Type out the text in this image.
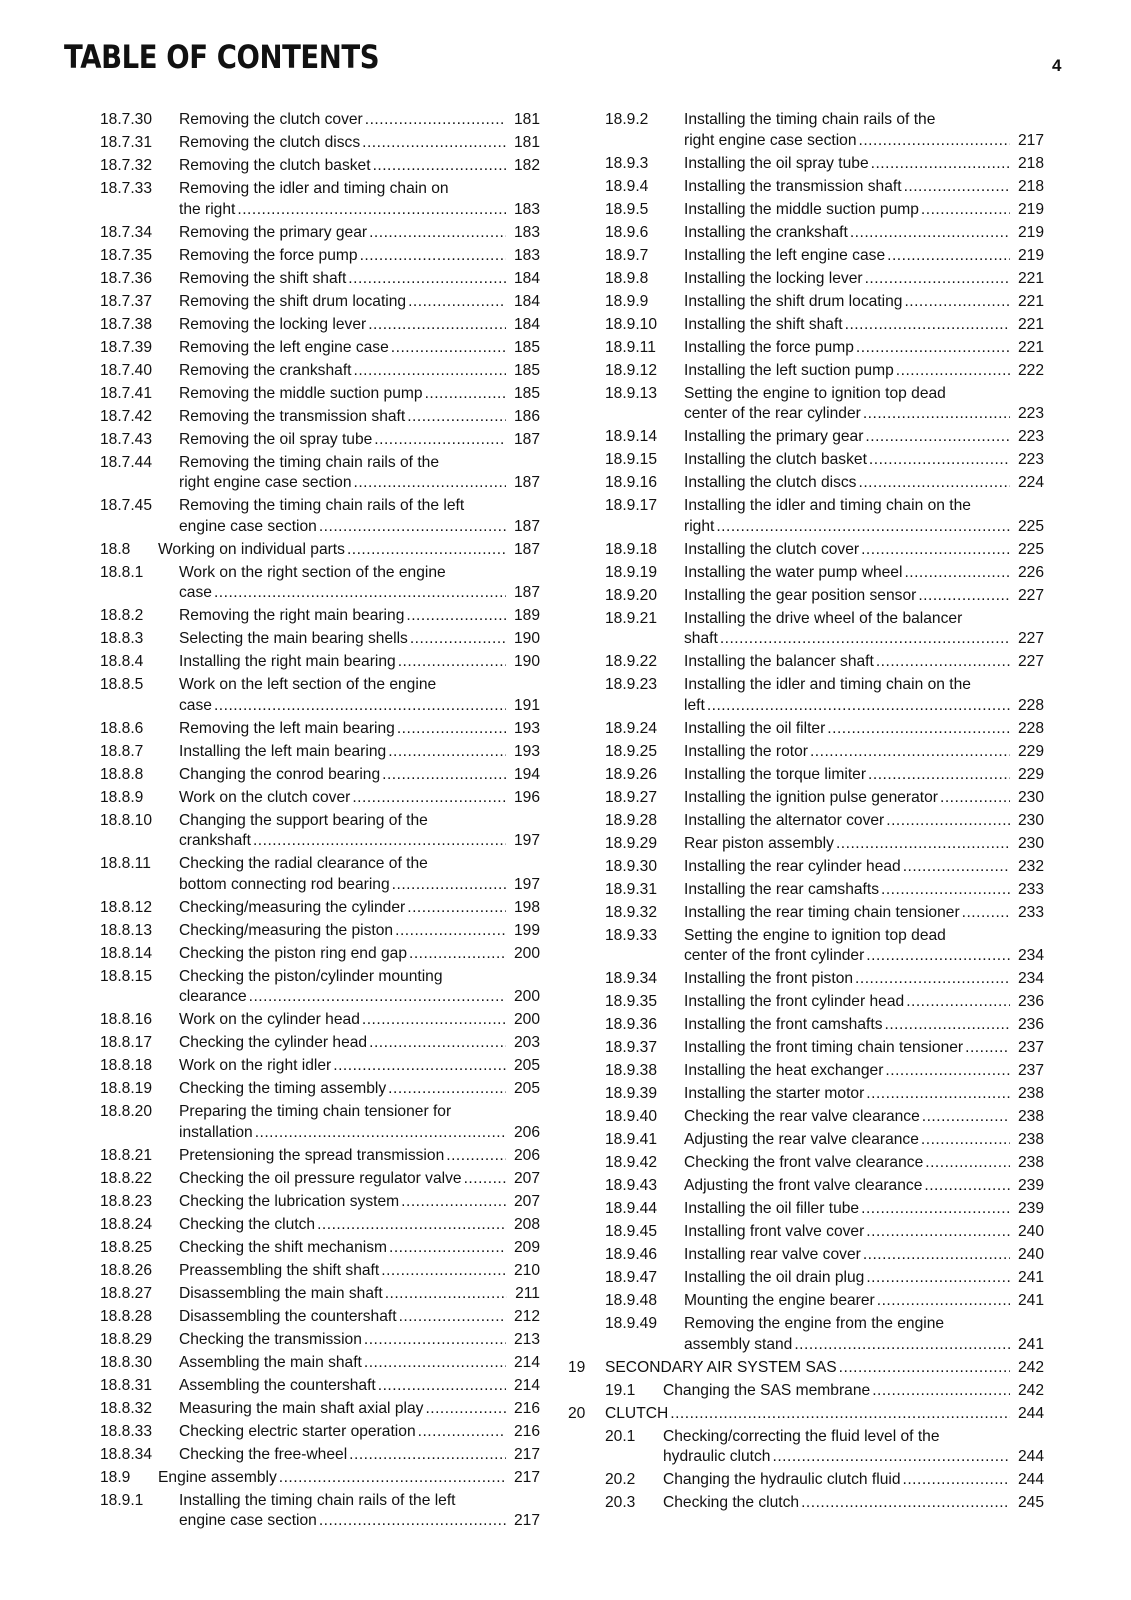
TABLE OF CONTENTS	4
18.7.30 Removing the clutch cover .....	181
18.7.31 Removing the clutch discs .....	181
18.7.32 Removing the clutch basket .....	182
18.7.33 Removing the idler and timing chain on
the right .....	183
18.7.34 Removing the primary gear .....	183
18.7.35 Removing the force pump .....	183
18.7.36 Removing the shift shaft .....	184
18.7.37 Removing the shift drum locating .....	184
18.7.38 Removing the locking lever .....	184
18.7.39 Removing the left engine case .....	185
18.7.40 Removing the crankshaft .....	185
18.7.41 Removing the middle suction pump .....	185
18.7.42 Removing the transmission shaft .....	186
18.7.43 Removing the oil spray tube .....	187
18.7.44 Removing the timing chain rails of the
right engine case section .....	187
18.7.45 Removing the timing chain rails of the left
engine case section .....	187
18.8 Working on individual parts .....	187
18.8.1 Work on the right section of the engine
case .....	187
18.8.2 Removing the right main bearing .....	189
18.8.3 Selecting the main bearing shells .....	190
18.8.4 Installing the right main bearing .....	190
18.8.5 Work on the left section of the engine
case .....	191
18.8.6 Removing the left main bearing .....	193
18.8.7 Installing the left main bearing .....	193
18.8.8 Changing the conrod bearing .....	194
18.8.9 Work on the clutch cover .....	196
18.8.10 Changing the support bearing of the
crankshaft .....	197
18.8.11 Checking the radial clearance of the
bottom connecting rod bearing .....	197
18.8.12 Checking/measuring the cylinder .....	198
18.8.13 Checking/measuring the piston .....	199
18.8.14 Checking the piston ring end gap .....	200
18.8.15 Checking the piston/cylinder mounting
clearance .....	200
18.8.16 Work on the cylinder head .....	200
18.8.17 Checking the cylinder head .....	203
18.8.18 Work on the right idler .....	205
18.8.19 Checking the timing assembly .....	205
18.8.20 Preparing the timing chain tensioner for
installation .....	206
18.8.21 Pretensioning the spread transmission .....	206
18.8.22 Checking the oil pressure regulator valve .....	207
18.8.23 Checking the lubrication system .....	207
18.8.24 Checking the clutch .....	208
18.8.25 Checking the shift mechanism .....	209
18.8.26 Preassembling the shift shaft .....	210
18.8.27 Disassembling the main shaft .....	211
18.8.28 Disassembling the countershaft .....	212
18.8.29 Checking the transmission .....	213
18.8.30 Assembling the main shaft .....	214
18.8.31 Assembling the countershaft .....	214
18.8.32 Measuring the main shaft axial play .....	216
18.8.33 Checking electric starter operation .....	216
18.8.34 Checking the free-wheel .....	217
18.9 Engine assembly .....	217
18.9.1 Installing the timing chain rails of the left
engine case section .....	217
18.9.2 Installing the timing chain rails of the
right engine case section .....	217
18.9.3 Installing the oil spray tube .....	218
18.9.4 Installing the transmission shaft .....	218
18.9.5 Installing the middle suction pump .....	219
18.9.6 Installing the crankshaft .....	219
18.9.7 Installing the left engine case .....	219
18.9.8 Installing the locking lever .....	221
18.9.9 Installing the shift drum locating .....	221
18.9.10 Installing the shift shaft .....	221
18.9.11 Installing the force pump .....	221
18.9.12 Installing the left suction pump .....	222
18.9.13 Setting the engine to ignition top dead
center of the rear cylinder .....	223
18.9.14 Installing the primary gear .....	223
18.9.15 Installing the clutch basket .....	223
18.9.16 Installing the clutch discs .....	224
18.9.17 Installing the idler and timing chain on the
right .....	225
18.9.18 Installing the clutch cover .....	225
18.9.19 Installing the water pump wheel .....	226
18.9.20 Installing the gear position sensor .....	227
18.9.21 Installing the drive wheel of the balancer
shaft .....	227
18.9.22 Installing the balancer shaft .....	227
18.9.23 Installing the idler and timing chain on the
left .....	228
18.9.24 Installing the oil filter .....	228
18.9.25 Installing the rotor .....	229
18.9.26 Installing the torque limiter .....	229
18.9.27 Installing the ignition pulse generator .....	230
18.9.28 Installing the alternator cover .....	230
18.9.29 Rear piston assembly .....	230
18.9.30 Installing the rear cylinder head .....	232
18.9.31 Installing the rear camshafts .....	233
18.9.32 Installing the rear timing chain tensioner .....	233
18.9.33 Setting the engine to ignition top dead
center of the front cylinder .....	234
18.9.34 Installing the front piston .....	234
18.9.35 Installing the front cylinder head .....	236
18.9.36 Installing the front camshafts .....	236
18.9.37 Installing the front timing chain tensioner .....	237
18.9.38 Installing the heat exchanger .....	237
18.9.39 Installing the starter motor .....	238
18.9.40 Checking the rear valve clearance .....	238
18.9.41 Adjusting the rear valve clearance .....	238
18.9.42 Checking the front valve clearance .....	238
18.9.43 Adjusting the front valve clearance .....	239
18.9.44 Installing the oil filler tube .....	239
18.9.45 Installing front valve cover .....	240
18.9.46 Installing rear valve cover .....	240
18.9.47 Installing the oil drain plug .....	241
18.9.48 Mounting the engine bearer .....	241
18.9.49 Removing the engine from the engine
assembly stand .....	241
19 SECONDARY AIR SYSTEM SAS .....	242
19.1 Changing the SAS membrane .....	242
20 CLUTCH .....	244
20.1 Checking/correcting the fluid level of the
hydraulic clutch .....	244
20.2 Changing the hydraulic clutch fluid .....	244
20.3 Checking the clutch .....	245
